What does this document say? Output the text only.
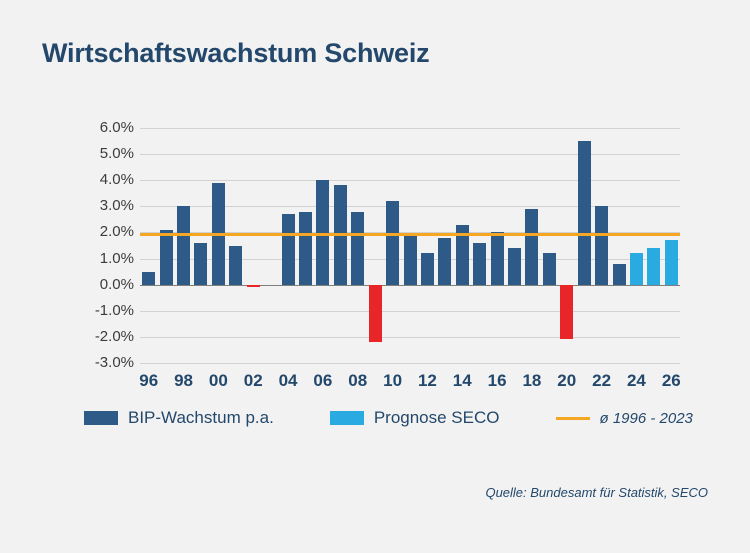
Wirtschaftswachstum Schweiz
6.0%
5.0%
4.0%
3.0%
2.0%
1.0%
0.0%
-1.0%
-2.0%
-3.0%
96 98 00 02 04 06 08 10 12 14 16 18 20 22 24 26
BIP-Wachstum p.a.	Prognose SECO	ø 1996 - 2023
Quelle: Bundesamt für Statistik, SECO
